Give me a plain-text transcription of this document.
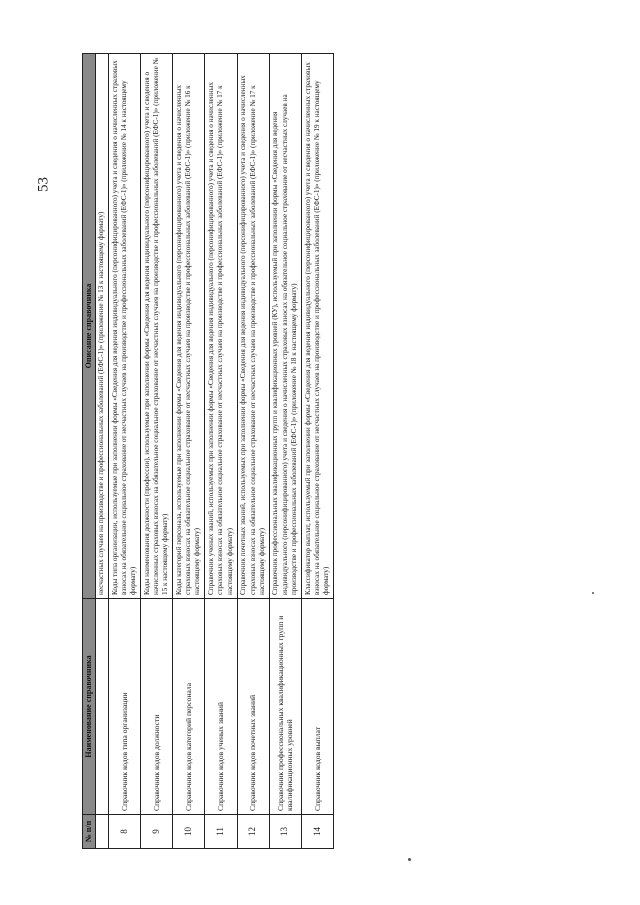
53
№ п/п	Наименование справочника	Описание справочника
		несчастных случаев на производстве и профессиональных заболеваний (ЕФС-1)» (приложение № 13 к настоящему формату)
8	Справочник кодов типа организации	Коды типа организации, используемые при заполнении формы «Сведения для ведения индивидуального (персонифицированного) учета и сведения о начисленных страховых взносах на обязательное социальное страхование от несчастных случаев на производстве и профессиональных заболеваний (ЕФС-1)» (приложение № 14 к настоящему формату)
9	Справочник кодов должности	Коды наименования должности (профессии), используемые при заполнении формы «Сведения для ведения индивидуального (персонифицированного) учета и сведения о начисленных страховых взносах на обязательное социальное страхование от несчастных случаев на производстве и профессиональных заболеваний (ЕФС-1)» (приложение № 15 к настоящему формату)
10	Справочник кодов категорий персонала	Коды категорий персонала, используемые при заполнении формы «Сведения для ведения индивидуального (персонифицированного) учета и сведения о начисленных страховых взносах на обязательное социальное страхование от несчастных случаев на производстве и профессиональных заболеваний (ЕФС-1)» (приложение № 16 к настоящему формату)
11	Справочник кодов ученых званий	Справочник ученых званий, используемых при заполнении формы «Сведения для ведения индивидуального (персонифицированного) учета и сведения о начисленных страховых взносах на обязательное социальное страхование от несчастных случаев на производстве и профессиональных заболеваний (ЕФС-1)» (приложение № 17 к настоящему формату)
12	Справочник кодов почетных званий	Справочник почетных званий, используемых при заполнении формы «Сведения для ведения индивидуального (персонифицированного) учета и сведения о начисленных страховых взносах на обязательное социальное страхование от несчастных случаев на производстве и профессиональных заболеваний (ЕФС-1)» (приложение № 17 к настоящему формату)
13	Справочник профессиональных квалификационных групп и квалификационных уровней	Справочник профессиональных квалификационных групп и квалификационных уровней (КУ), используемый при заполнении формы «Сведения для ведения индивидуального (персонифицированного) учета и сведения о начисленных страховых взносах на обязательное социальное страхование от несчастных случаев на производстве и профессиональных заболеваний (ЕФС-1)» (приложение № 18 к настоящему формату)
14	Справочник кодов выплат	Классификатор выплат, используемый при заполнении формы «Сведения для ведения индивидуального (персонифицированного) учета и сведения о начисленных страховых взносах на обязательное социальное страхование от несчастных случаев на производстве и профессиональных заболеваний (ЕФС-1)» (приложение № 19 к настоящему формату)
